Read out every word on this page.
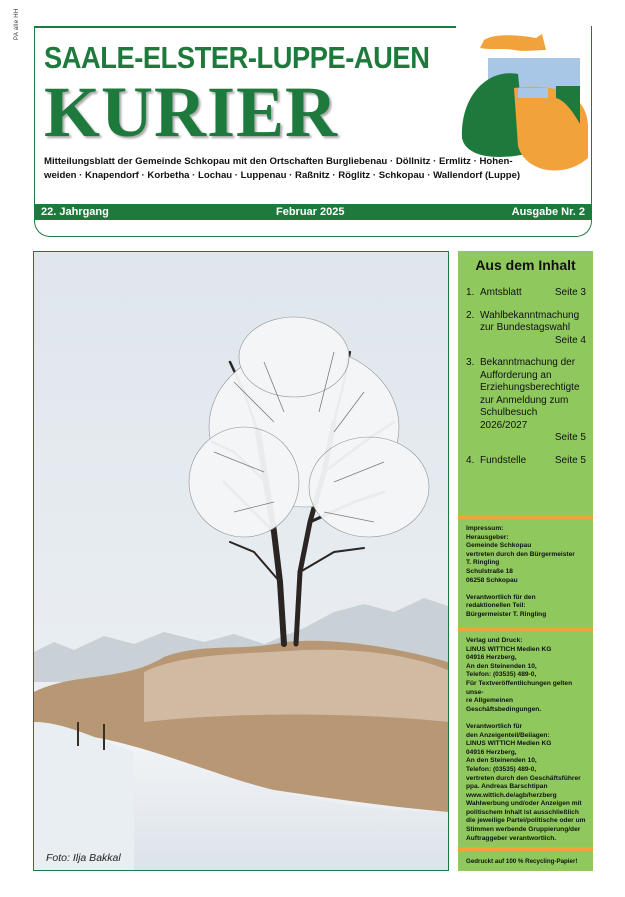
PA alle HH
SAALE-ELSTER-LUPPE-AUEN
KURIER
Mitteilungsblatt der Gemeinde Schkopau mit den Ortschaften Burgliebenau · Döllnitz · Ermlitz · Hohen-
weiden · Knapendorf · Korbetha · Lochau · Luppenau · Raßnitz · Röglitz · Schkopau · Wallendorf (Luppe)
22. Jahrgang	Februar 2025	Ausgabe Nr. 2
Foto: Ilja Bakkal
Aus dem Inhalt
1. Amtsblatt	Seite 3
2. Wahlbekanntmachung zur Bundestagswahl
Seite 4
3. Bekanntmachung der Aufforderung an Erziehungsberechtigte zur Anmeldung zum Schulbesuch 2026/2027
Seite 5
4. Fundstelle	Seite 5

Impressum:
Herausgeber:
Gemeinde Schkopau
vertreten durch den Bürgermeister
T. Ringling
Schulstraße 18
06258 Schkopau

Verantwortlich für den
redaktionellen Teil:
Bürgermeister T. Ringling

Verlag und Druck:
LINUS WITTICH Medien KG
04916 Herzberg,
An den Steinenden 10,
Telefon: (03535) 489-0,
Für Textveröffentlichungen gelten unse-
re Allgemeinen Geschäftsbedingungen.

Verantwortlich für
den Anzeigenteil/Beilagen:
LINUS WITTICH Medien KG
04916 Herzberg,
An den Steinenden 10,
Telefon: (03535) 489-0,
vertreten durch den Geschäftsführer
ppa. Andreas Barschtipan
www.wittich.de/agb/herzberg
Wahlwerbung und/oder Anzeigen mit politischem Inhalt ist ausschließlich die jeweilige Partei/politische oder um Stimmen werbende Gruppierung/der Auftraggeber verantwortlich.

Gedruckt auf 100 % Recycling-Papier!
